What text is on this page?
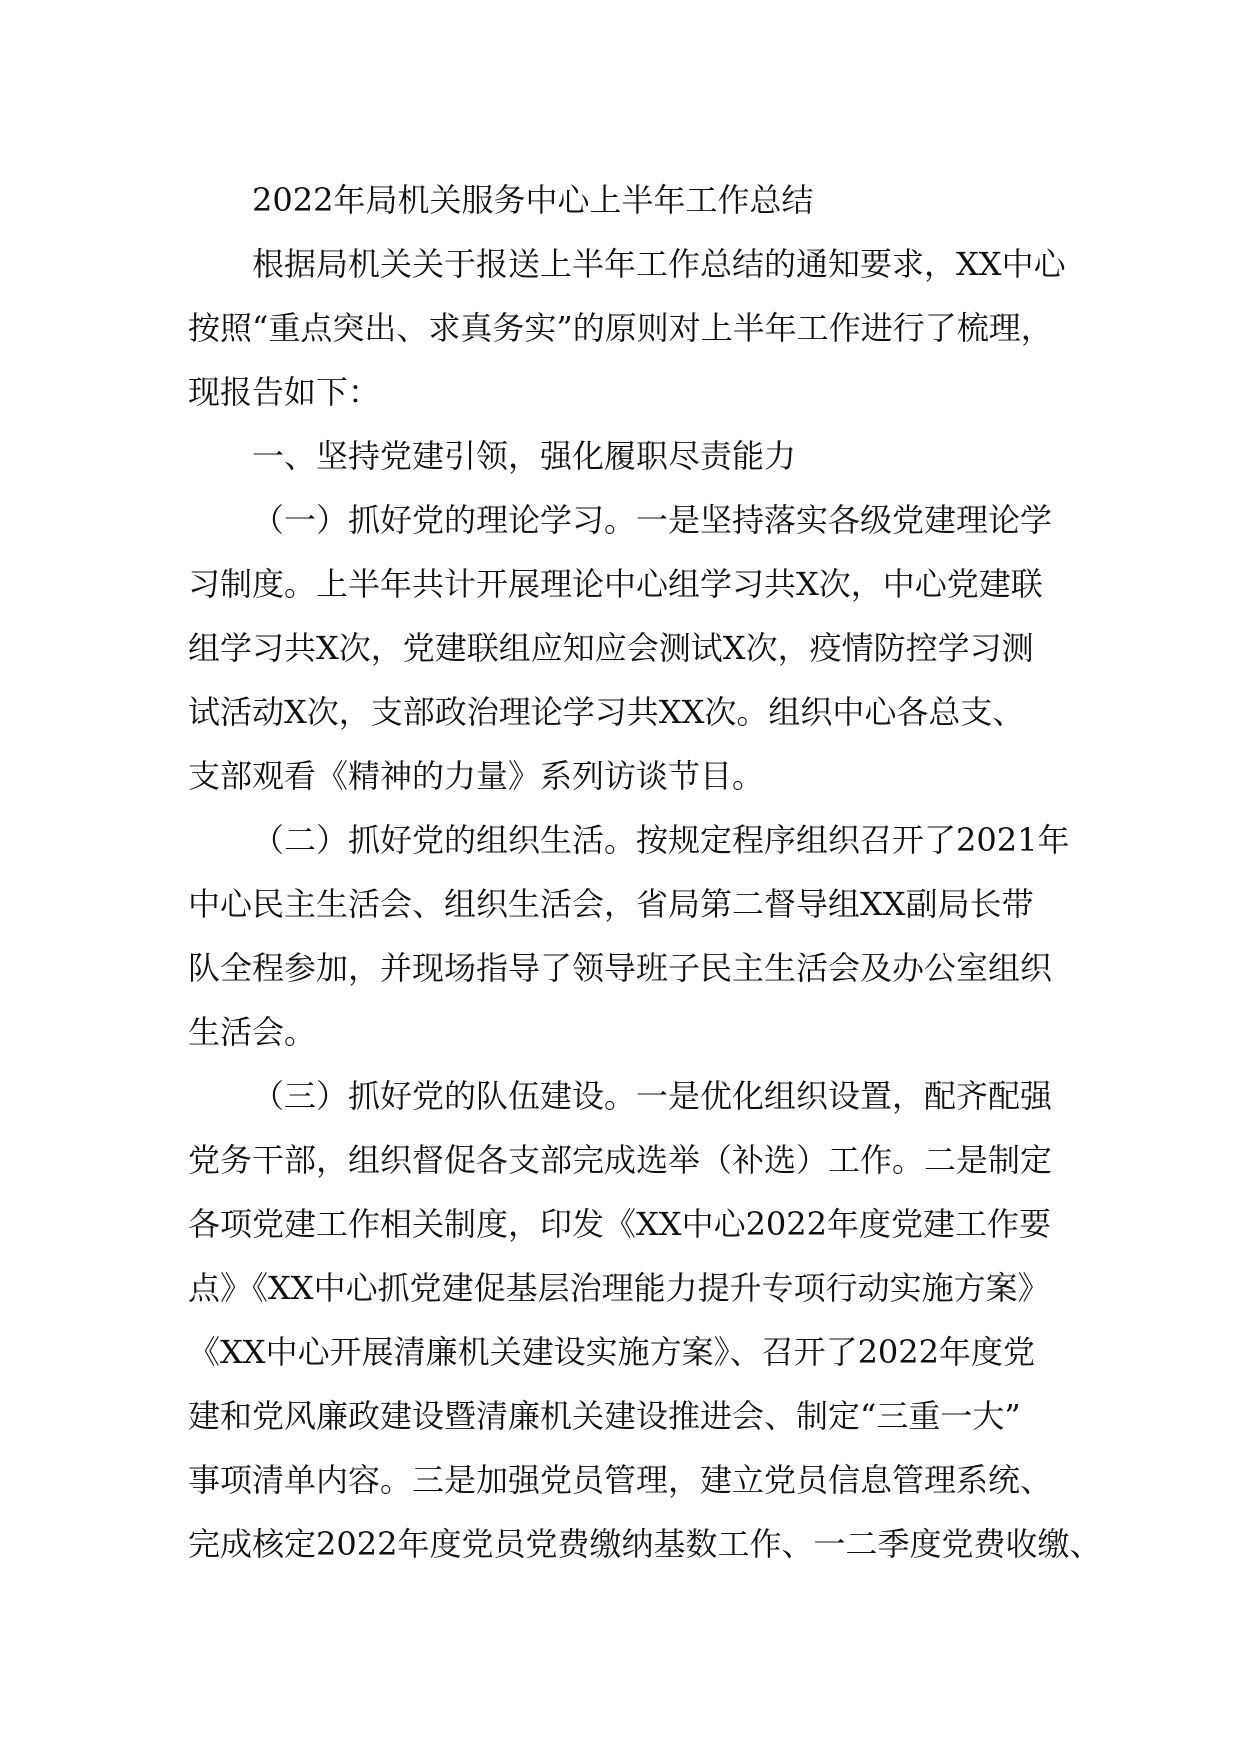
2022年局机关服务中心上半年工作总结
根据局机关关于报送上半年工作总结的通知要求，XX中心
按照“重点突出、求真务实”的原则对上半年工作进行了梳理，
现报告如下：
一、坚持党建引领，强化履职尽责能力
（一）抓好党的理论学习。一是坚持落实各级党建理论学
习制度。上半年共计开展理论中心组学习共X次，中心党建联
组学习共X次，党建联组应知应会测试X次，疫情防控学习测
试活动X次，支部政治理论学习共XX次。组织中心各总支、
支部观看《精神的力量》系列访谈节目。
（二）抓好党的组织生活。按规定程序组织召开了2021年
中心民主生活会、组织生活会，省局第二督导组XX副局长带
队全程参加，并现场指导了领导班子民主生活会及办公室组织
生活会。
（三）抓好党的队伍建设。一是优化组织设置，配齐配强
党务干部，组织督促各支部完成选举（补选）工作。二是制定
各项党建工作相关制度，印发《XX中心2022年度党建工作要
点》《XX中心抓党建促基层治理能力提升专项行动实施方案》
《XX中心开展清廉机关建设实施方案》、召开了2022年度党
建和党风廉政建设暨清廉机关建设推进会、制定“三重一大”
事项清单内容。三是加强党员管理，建立党员信息管理系统、
完成核定2022年度党员党费缴纳基数工作、一二季度党费收缴、
